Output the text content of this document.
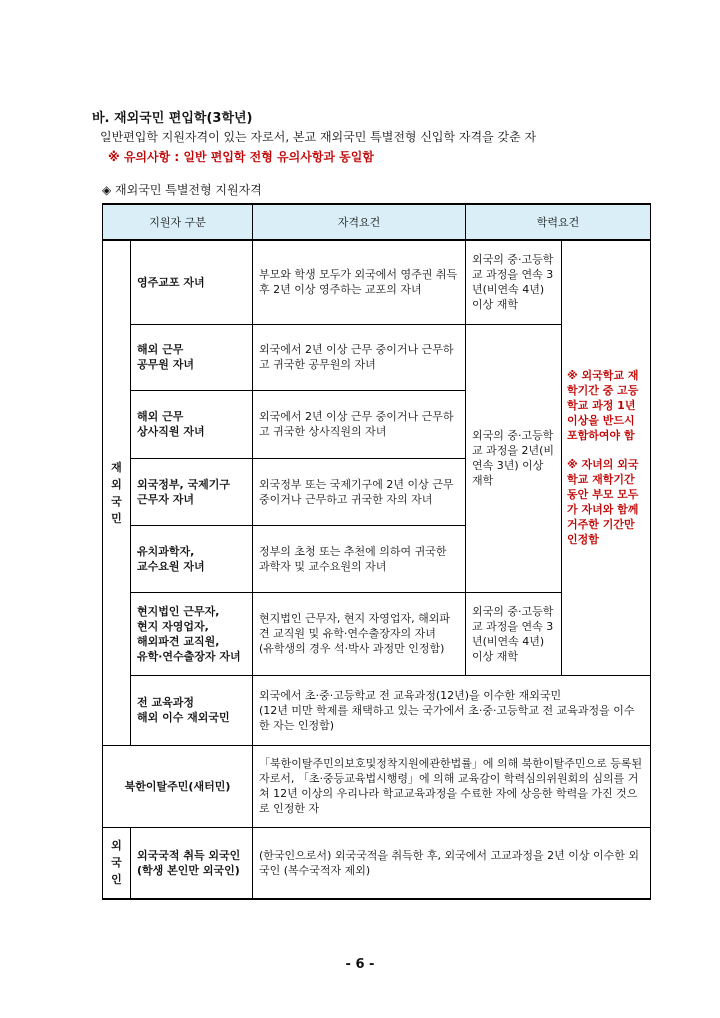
바. 재외국민 편입학(3학년)
일반편입학 지원자격이 있는 자로서, 본교 재외국민 특별전형 신입학 자격을 갖춘 자
※ 유의사항 : 일반 편입학 전형 유의사항과 동일함
◈ 재외국민 특별전형 지원자격
지원자 구분		자격요건	학력요건	
재외국민	영주교포 자녀	부모와 학생 모두가 외국에서 영주권 취득 후 2년 이상 영주하는 교포의 자녀	외국의 중·고등학교 과정을 연속 3년(비연속 4년) 이상 재학	※ 외국학교 재학기간 중 고등학교 과정 1년 이상을 반드시 포함하여야 함
※ 자녀의 외국학교 재학기간 동안 부모 모두가 자녀와 함께 거주한 기간만 인정함

	해외 근무
공무원 자녀	외국에서 2년 이상 근무 중이거나 근무하고 귀국한 공무원의 자녀	외국의 중·고등학교 과정을 2년(비연속 3년) 이상 재학	
	해외 근무
상사직원 자녀	외국에서 2년 이상 근무 중이거나 근무하고 귀국한 상사직원의 자녀		
	외국정부, 국제기구
근무자 자녀	외국정부 또는 국제기구에 2년 이상 근무 중이거나 근무하고 귀국한 자의 자녀		
	유치과학자,
교수요원 자녀	정부의 초청 또는 추천에 의하여 귀국한 과학자 및 교수요원의 자녀		
	현지법인 근무자,
현지 자영업자,
해외파견 교직원,
유학·연수출장자 자녀	현지법인 근무자, 현지 자영업자, 해외파견 교직원 및 유학·연수출장자의 자녀
(유학생의 경우 석·박사 과정만 인정함)	외국의 중·고등학교 과정을 연속 3년(비연속 4년) 이상 재학	
	전 교육과정
해외 이수 재외국민	외국에서 초·중·고등학교 전 교육과정(12년)을 이수한 재외국민
(12년 미만 학제를 채택하고 있는 국가에서 초·중·고등학교 전 교육과정을 이수한 자는 인정함)		
북한이탈주민(새터민)		「북한이탈주민의보호및정착지원에관한법률」에 의해 북한이탈주민으로 등록된 자로서, 「초·중등교육법시행령」에 의해 교육감이 학력심의위원회의 심의를 거쳐 12년 이상의 우리나라 학교교육과정을 수료한 자에 상응한 학력을 가진 것으로 인정한 자		
외국인	외국국적 취득 외국인
(학생 본인만 외국인)	(한국인으로서) 외국국적을 취득한 후, 외국에서 고교과정을 2년 이상 이수한 외국인 (복수국적자 제외)		
- 6 -
